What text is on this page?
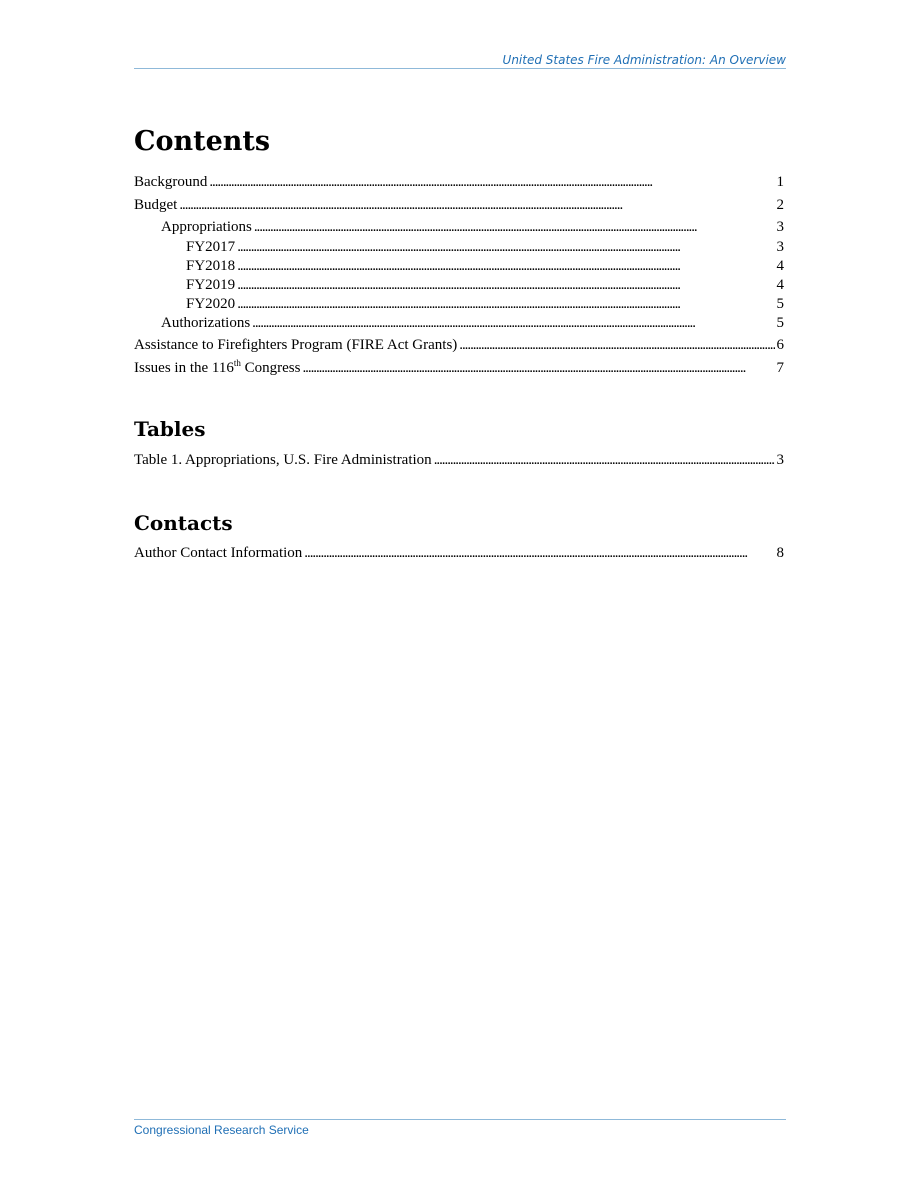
United States Fire Administration: An Overview
Contents
Background . . .	1
Budget . . .	2
Appropriations . . .	3
FY2017 . . .	3
FY2018 . . .	4
FY2019 . . .	4
FY2020 . . .	5
Authorizations . . .	5
Assistance to Firefighters Program (FIRE Act Grants) . . .	6
Issues in the 116th Congress . . .	7
Tables
Table 1. Appropriations, U.S. Fire Administration . . .	3
Contacts
Author Contact Information . . .	8
Congressional Research Service
